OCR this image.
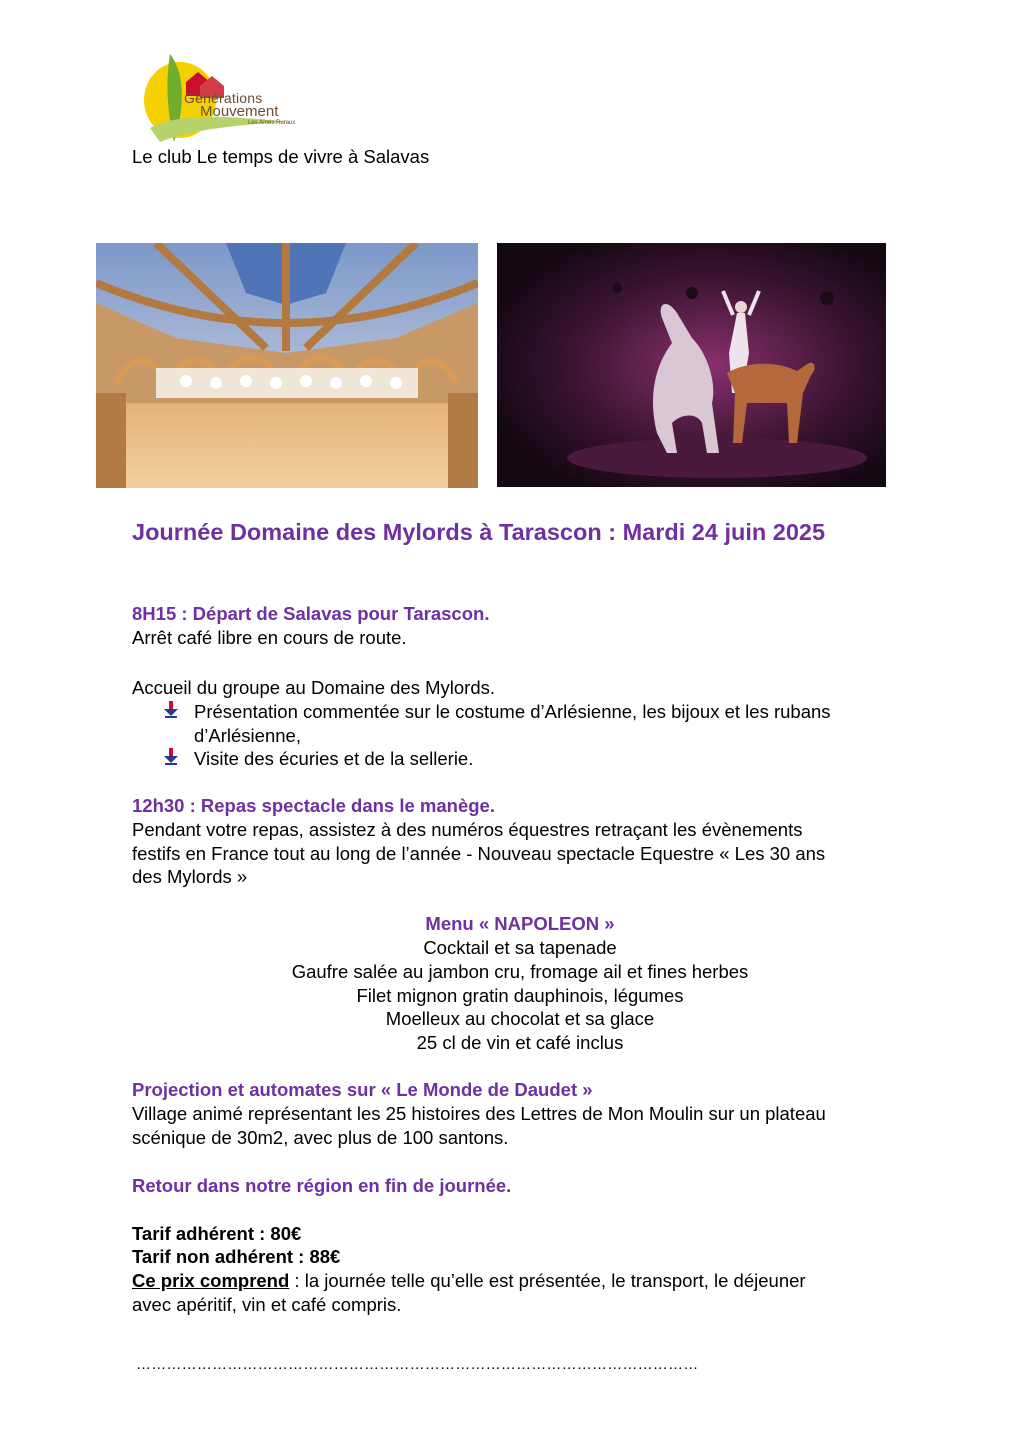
Générations
Mouvement
Les Aînés Ruraux
Le club Le temps de vivre à Salavas
Journée Domaine des Mylords à Tarascon : Mardi 24 juin 2025
8H15 : Départ de Salavas pour Tarascon.
Arrêt café libre en cours de route.
Accueil du groupe au Domaine des Mylords.
Présentation commentée sur le costume d’Arlésienne, les bijoux et les rubans
d’Arlésienne,
Visite des écuries et de la sellerie.
12h30 : Repas spectacle dans le manège.
Pendant votre repas, assistez à des numéros équestres retraçant les évènements
festifs en France tout au long de l’année - Nouveau spectacle Equestre « Les 30 ans
des Mylords »
Menu « NAPOLEON »
Cocktail et sa tapenade
Gaufre salée au jambon cru, fromage ail et fines herbes
Filet mignon gratin dauphinois, légumes
Moelleux au chocolat et sa glace
25 cl de vin et café inclus
Projection et automates sur « Le Monde de Daudet »
Village animé représentant les 25 histoires des Lettres de Mon Moulin sur un plateau
scénique de 30m2, avec plus de 100 santons.
Retour dans notre région en fin de journée.
Tarif adhérent : 80€
Tarif non adhérent : 88€
Ce prix comprend : la journée telle qu’elle est présentée, le transport, le déjeuner
avec apéritif, vin et café compris.
…………………………………………………………………………………………………
